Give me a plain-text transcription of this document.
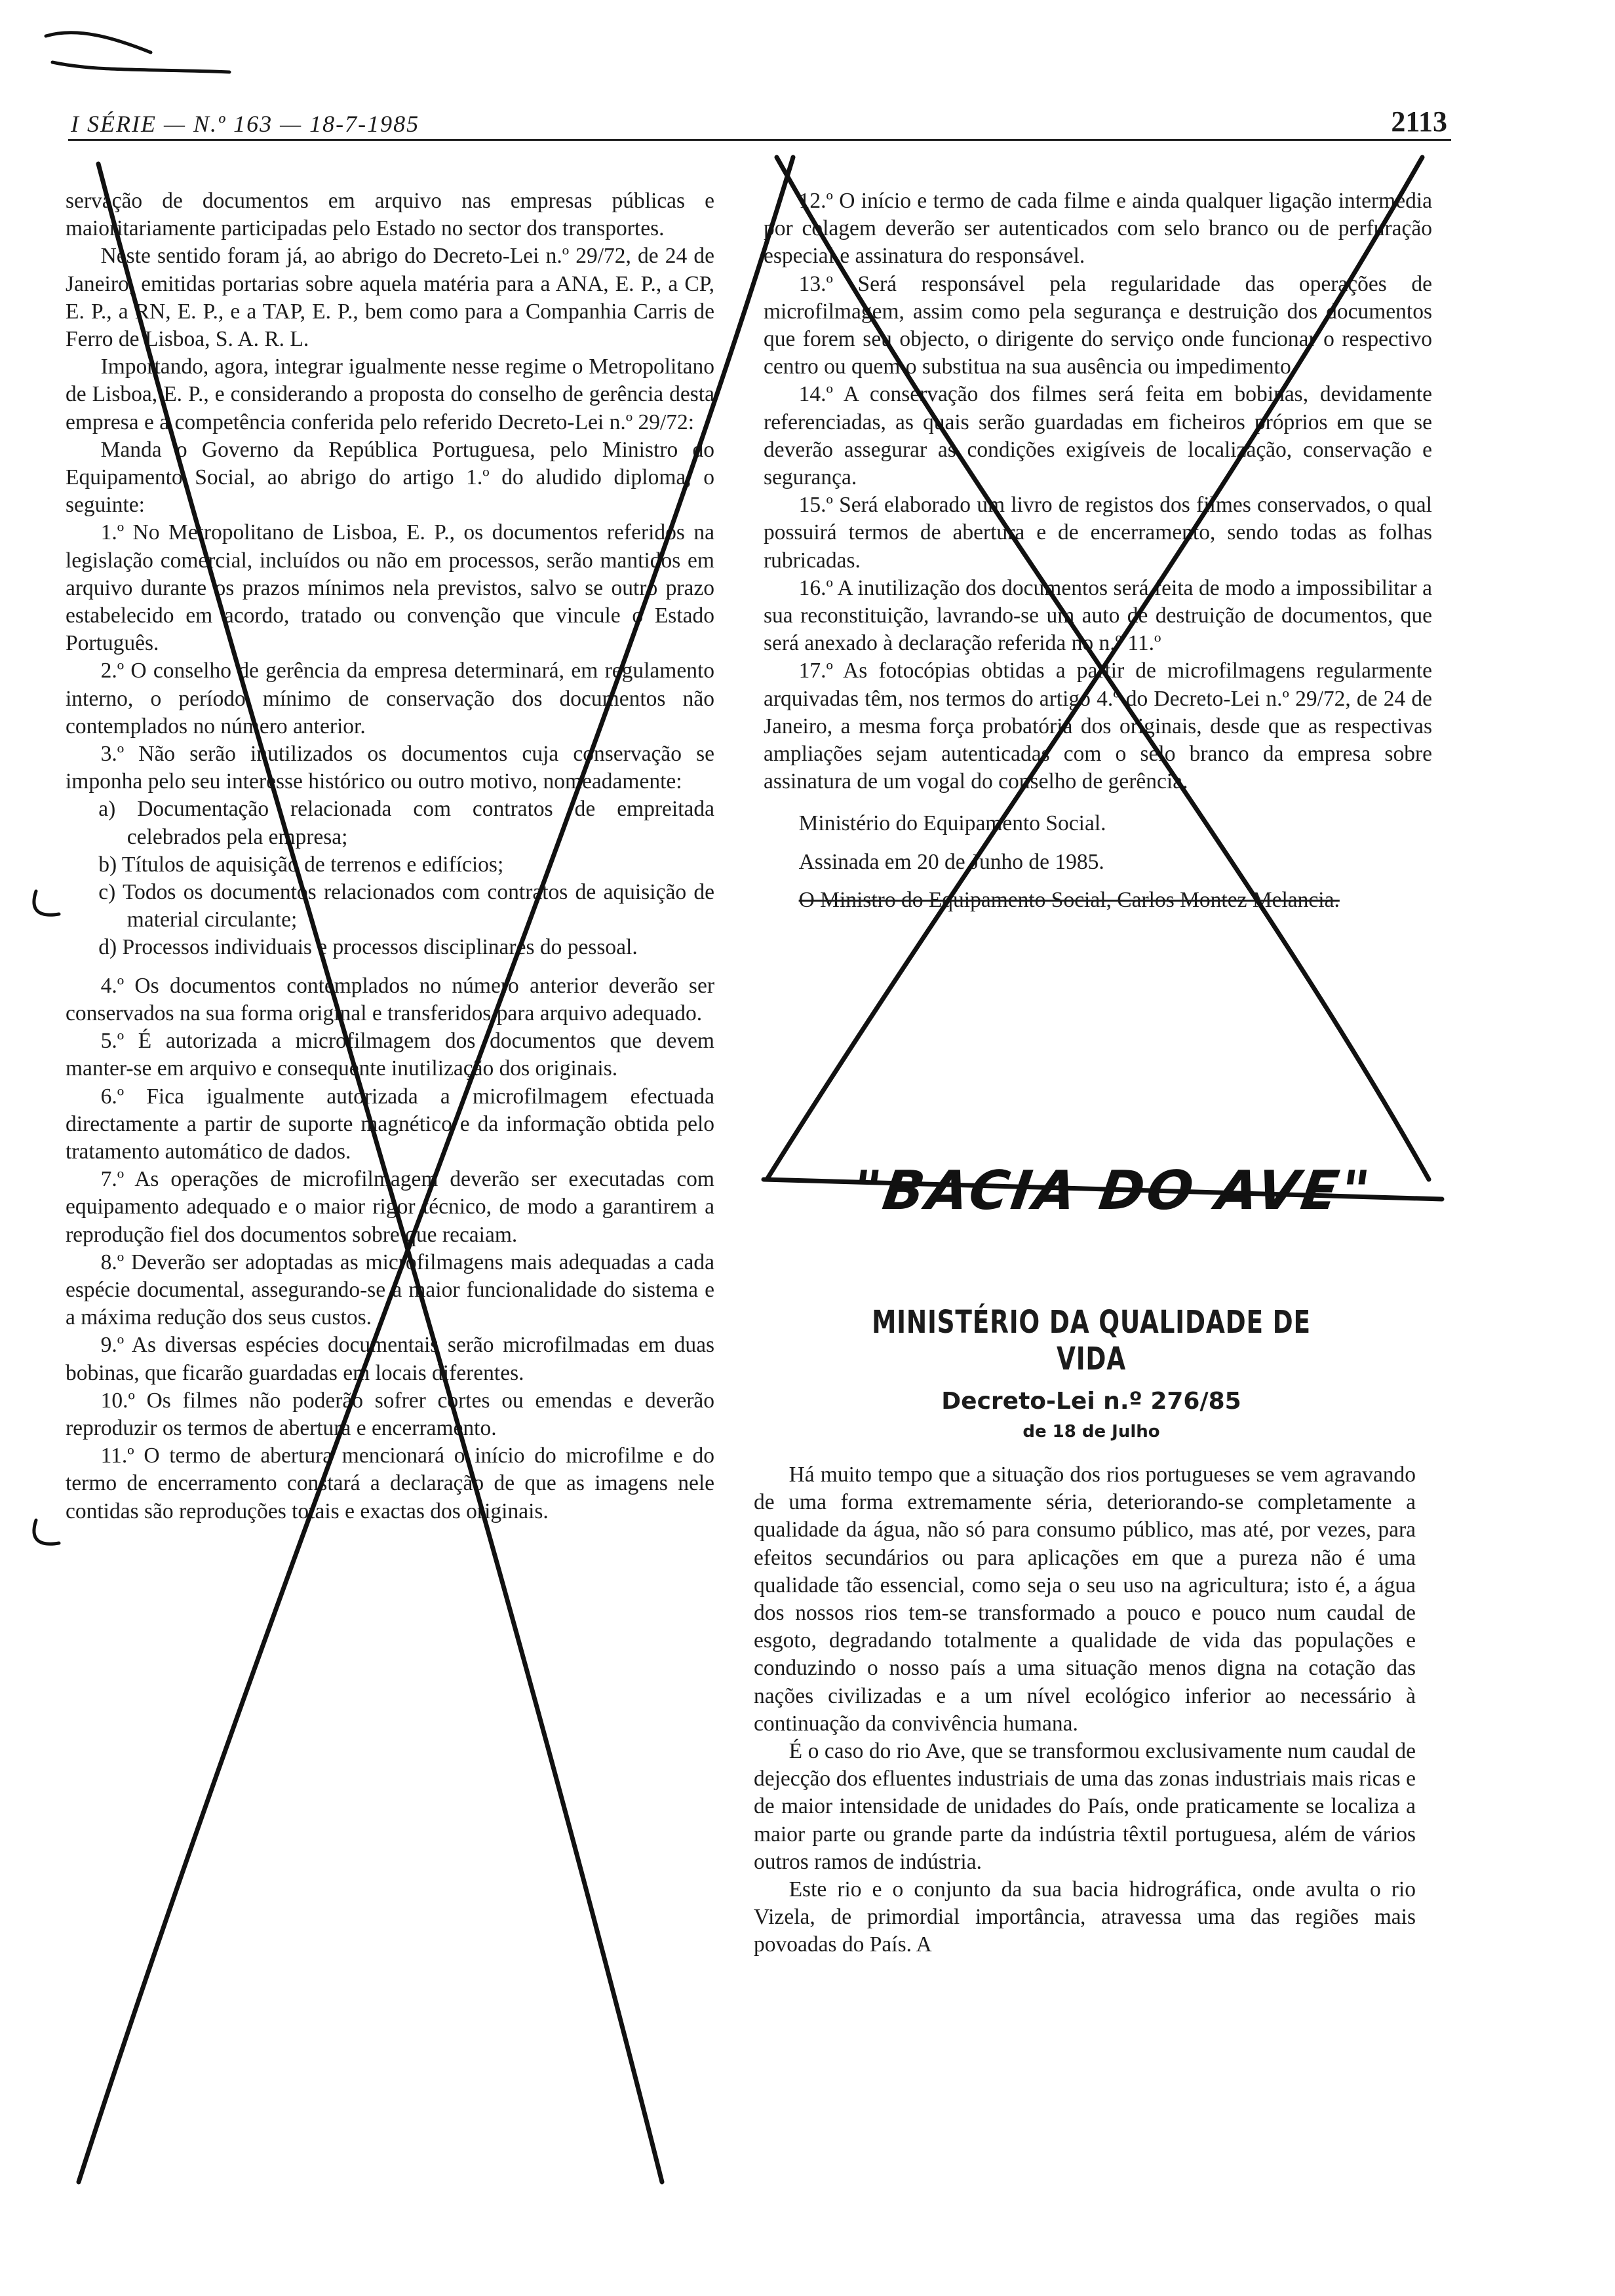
I SÉRIE — N.º 163 — 18-7-1985	2113

servação de documentos em arquivo nas empresas públicas e maioritariamente participadas pelo Estado no sector dos transportes.

Neste sentido foram já, ao abrigo do Decreto-Lei n.º 29/72, de 24 de Janeiro, emitidas portarias sobre aquela matéria para a ANA, E. P., a CP, E. P., a RN, E. P., e a TAP, E. P., bem como para a Companhia Carris de Ferro de Lisboa, S. A. R. L.

Importando, agora, integrar igualmente nesse regime o Metropolitano de Lisboa, E. P., e considerando a proposta do conselho de gerência desta empresa e a competência conferida pelo referido Decreto-Lei n.º 29/72:

Manda o Governo da República Portuguesa, pelo Ministro do Equipamento Social, ao abrigo do artigo 1.º do aludido diploma, o seguinte:

1.º No Metropolitano de Lisboa, E. P., os documentos referidos na legislação comercial, incluídos ou não em processos, serão mantidos em arquivo durante os prazos mínimos nela previstos, salvo se outro prazo estabelecido em acordo, tratado ou convenção que vincule o Estado Português.

2.º O conselho de gerência da empresa determinará, em regulamento interno, o período mínimo de conservação dos documentos não contemplados no número anterior.

3.º Não serão inutilizados os documentos cuja conservação se imponha pelo seu interesse histórico ou outro motivo, nomeadamente:

a) Documentação relacionada com contratos de empreitada celebrados pela empresa;

b) Títulos de aquisição de terrenos e edifícios;

c) Todos os documentos relacionados com contratos de aquisição de material circulante;

d) Processos individuais e processos disciplinares do pessoal.

4.º Os documentos contemplados no número anterior deverão ser conservados na sua forma original e transferidos para arquivo adequado.

5.º É autorizada a microfilmagem dos documentos que devem manter-se em arquivo e consequente inutilização dos originais.

6.º Fica igualmente autorizada a microfilmagem efectuada directamente a partir de suporte magnético e da informação obtida pelo tratamento automático de dados.

7.º As operações de microfilmagem deverão ser executadas com equipamento adequado e o maior rigor técnico, de modo a garantirem a reprodução fiel dos documentos sobre que recaiam.

8.º Deverão ser adoptadas as microfilmagens mais adequadas a cada espécie documental, assegurando-se a maior funcionalidade do sistema e a máxima redução dos seus custos.

9.º As diversas espécies documentais serão microfilmadas em duas bobinas, que ficarão guardadas em locais diferentes.

10.º Os filmes não poderão sofrer cortes ou emendas e deverão reproduzir os termos de abertura e encerramento.

11.º O termo de abertura mencionará o início do microfilme e do termo de encerramento constará a declaração de que as imagens nele contidas são reproduções totais e exactas dos originais.

12.º O início e termo de cada filme e ainda qualquer ligação intermédia por colagem deverão ser autenticados com selo branco ou de perfuração especial e assinatura do responsável.

13.º Será responsável pela regularidade das operações de microfilmagem, assim como pela segurança e destruição dos documentos que forem seu objecto, o dirigente do serviço onde funcionar o respectivo centro ou quem o substitua na sua ausência ou impedimento.

14.º A conservação dos filmes será feita em bobinas, devidamente referenciadas, as quais serão guardadas em ficheiros próprios em que se deverão assegurar as condições exigíveis de localização, conservação e segurança.

15.º Será elaborado um livro de registos dos filmes conservados, o qual possuirá termos de abertura e de encerramento, sendo todas as folhas rubricadas.

16.º A inutilização dos documentos será feita de modo a impossibilitar a sua reconstituição, lavrando-se um auto de destruição de documentos, que será anexado à declaração referida no n.º 11.º

17.º As fotocópias obtidas a partir de microfilmagens regularmente arquivadas têm, nos termos do artigo 4.º do Decreto-Lei n.º 29/72, de 24 de Janeiro, a mesma força probatória dos originais, desde que as respectivas ampliações sejam autenticadas com o selo branco da empresa sobre assinatura de um vogal do conselho de gerência.

Ministério do Equipamento Social.

Assinada em 20 de Junho de 1985.

O Ministro do Equipamento Social, Carlos Montez Melancia.

"BACIA DO AVE"
MINISTÉRIO DA QUALIDADE DE VIDA
Decreto-Lei n.º 276/85
de 18 de Julho

Há muito tempo que a situação dos rios portugueses se vem agravando de uma forma extremamente séria, deteriorando-se completamente a qualidade da água, não só para consumo público, mas até, por vezes, para efeitos secundários ou para aplicações em que a pureza não é uma qualidade tão essencial, como seja o seu uso na agricultura; isto é, a água dos nossos rios tem-se transformado a pouco e pouco num caudal de esgoto, degradando totalmente a qualidade de vida das populações e conduzindo o nosso país a uma situação menos digna na cotação das nações civilizadas e a um nível ecológico inferior ao necessário à continuação da convivência humana.

É o caso do rio Ave, que se transformou exclusivamente num caudal de dejecção dos efluentes industriais de uma das zonas industriais mais ricas e de maior intensidade de unidades do País, onde praticamente se localiza a maior parte ou grande parte da indústria têxtil portuguesa, além de vários outros ramos de indústria.

Este rio e o conjunto da sua bacia hidrográfica, onde avulta o rio Vizela, de primordial importância, atravessa uma das regiões mais povoadas do País. A
